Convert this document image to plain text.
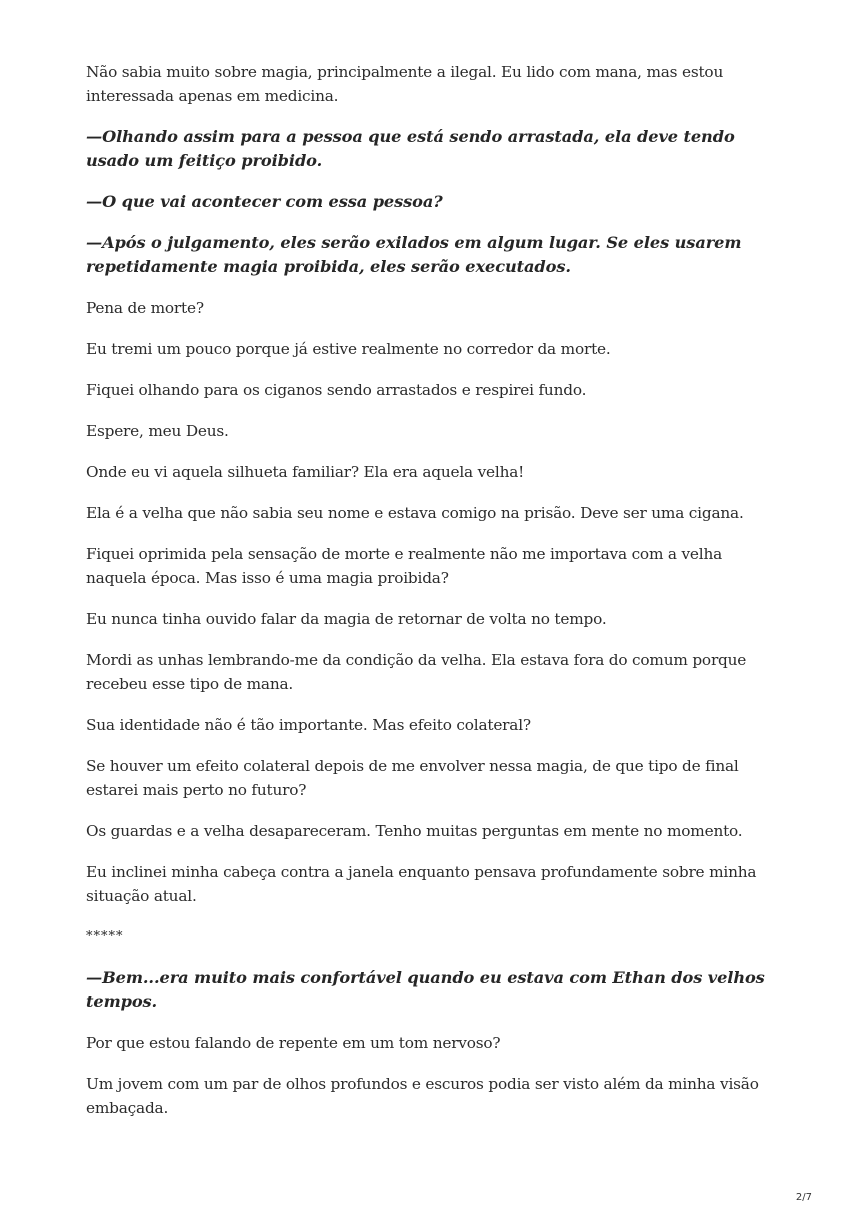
Não sabia muito sobre magia, principalmente a ilegal. Eu lido com mana, mas estou interessada apenas em medicina.

—Olhando assim para a pessoa que está sendo arrastada, ela deve tendo usado um feitiço proibido.

—O que vai acontecer com essa pessoa?

—Após o julgamento, eles serão exilados em algum lugar. Se eles usarem repetidamente magia proibida, eles serão executados.

Pena de morte?

Eu tremi um pouco porque já estive realmente no corredor da morte.

Fiquei olhando para os ciganos sendo arrastados e respirei fundo.

Espere, meu Deus.

Onde eu vi aquela silhueta familiar? Ela era aquela velha!

Ela é a velha que não sabia seu nome e estava comigo na prisão. Deve ser uma cigana.

Fiquei oprimida pela sensação de morte e realmente não me importava com a velha naquela época. Mas isso é uma magia proibida?

Eu nunca tinha ouvido falar da magia de retornar de volta no tempo.

Mordi as unhas lembrando-me da condição da velha. Ela estava fora do comum porque recebeu esse tipo de mana.

Sua identidade não é tão importante. Mas efeito colateral?

Se houver um efeito colateral depois de me envolver nessa magia, de que tipo de final estarei mais perto no futuro?

Os guardas e a velha desapareceram. Tenho muitas perguntas em mente no momento.

Eu inclinei minha cabeça contra a janela enquanto pensava profundamente sobre minha situação atual.

*****

—Bem...era muito mais confortável quando eu estava com Ethan dos velhos tempos.

Por que estou falando de repente em um tom nervoso?

Um jovem com um par de olhos profundos e escuros podia ser visto além da minha visão embaçada.

2/7
